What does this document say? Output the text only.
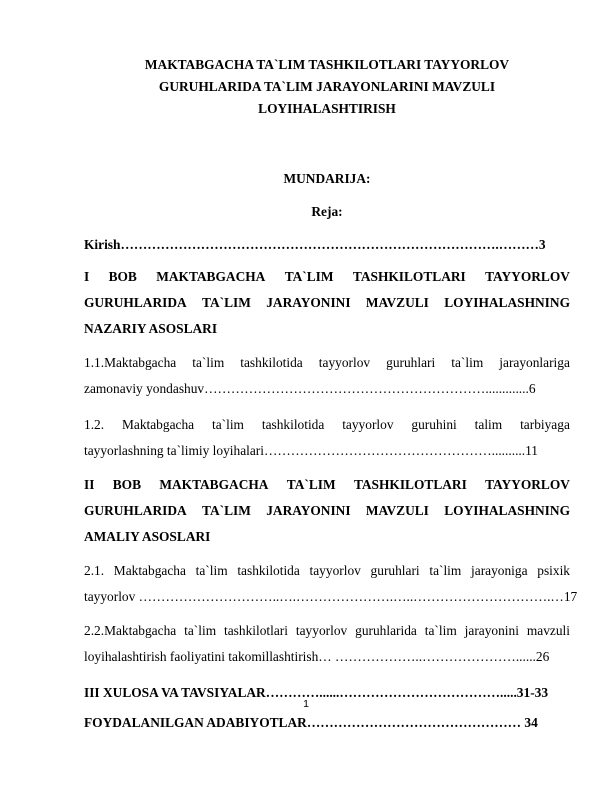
MAKTABGACHA TA`LIM TASHKILOTLARI TAYYORLOV
GURUHLARIDA TA`LIM JARAYONLARINI MAVZULI
LOYIHALASHTIRISH
MUNDARIJA:
Reja:
Kirish………………………………………………………………………….………3
I BOB MAKTABGACHA TA`LIM TASHKILOTLARI TAYYORLOV
GURUHLARIDA TA`LIM JARAYONINI MAVZULI LOYIHALASHNING
NAZARIY ASOSLARI
1.1.Maktabgacha ta`lim tashkilotida tayyorlov guruhlari ta`lim jarayonlariga
zamonaviy yondashuv……………………………………………………….............6
1.2. Maktabgacha ta`lim tashkilotida tayyorlov guruhini talim tarbiyaga
tayyorlashning ta`limiy loyihalari……………………………………………..........11
II BOB MAKTABGACHA TA`LIM TASHKILOTLARI TAYYORLOV
GURUHLARIDA TA`LIM JARAYONINI MAVZULI LOYIHALASHNING
AMALIY ASOSLARI
2.1. Maktabgacha ta`lim tashkilotida tayyorlov guruhlari ta`lim jarayoniga psixik
tayyorlov …………………………..….………………….…..………………………….…17
2.2.Maktabgacha ta`lim tashkilotlari tayyorlov guruhlarida ta`lim jarayonini mavzuli
loyihalashtirish faoliyatini takomillashtirish… ………………..…………………......26
III XULOSA VA TAVSIYALAR…………......……………………………….....31-33
FOYDALANILGAN ADABIYOTLAR………………………………………… 34
1
